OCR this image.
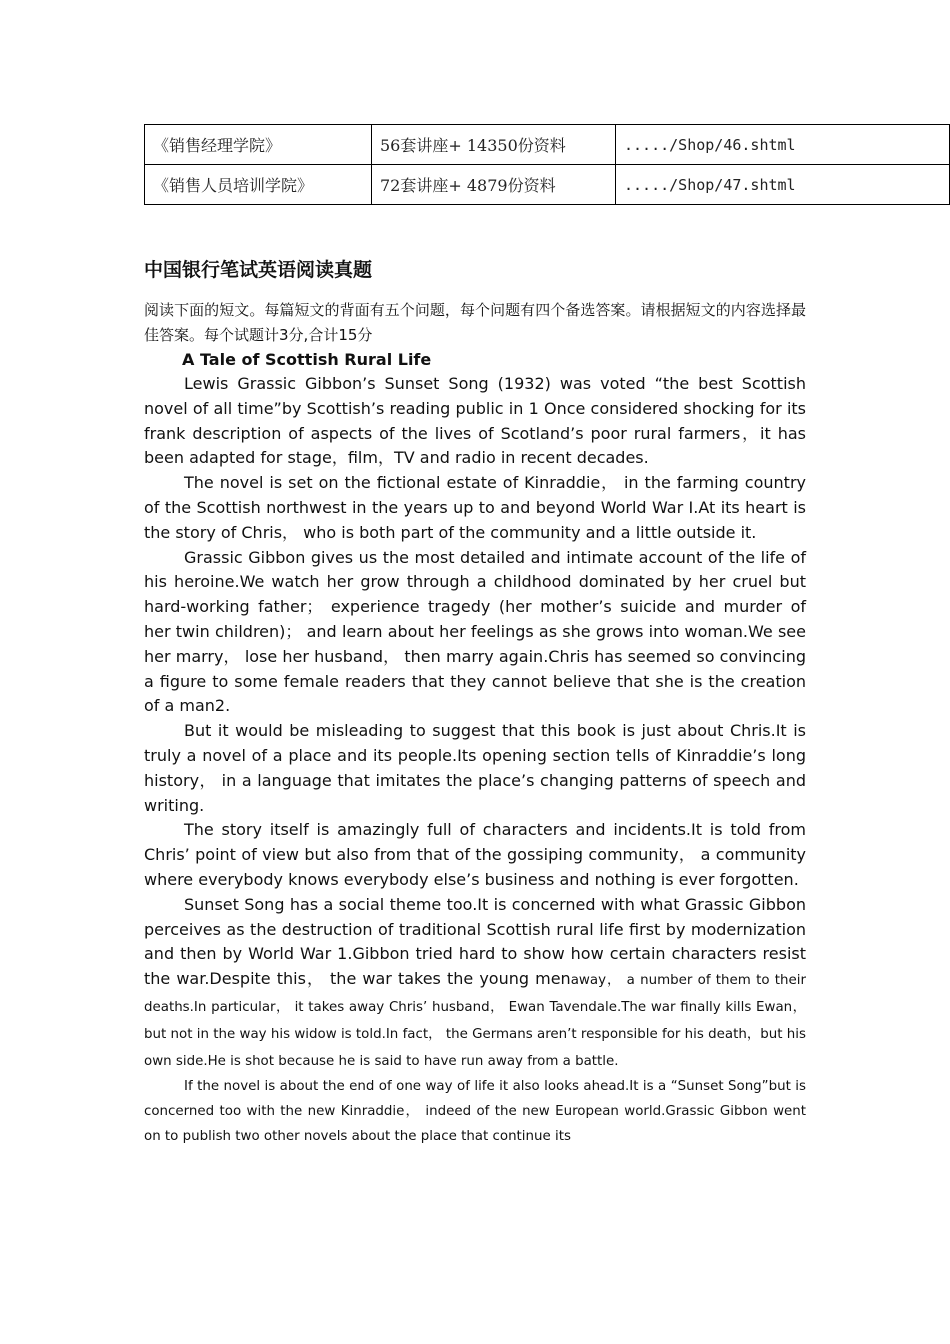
《销售经理学院》	56套讲座+ 14350份资料	...../Shop/46.shtml
《销售人员培训学院》	72套讲座+ 4879份资料	...../Shop/47.shtml
中国银行笔试英语阅读真题

阅读下面的短文。每篇短文的背面有五个问题，每个问题有四个备选答案。请根据短文的内容选择最佳答案。每个试题计3分,合计15分

A Tale of Scottish Rural Life

Lewis Grassic Gibbon’s Sunset Song (1932) was voted “the best Scottish novel of all time”by Scottish’s reading public in 1 Once considered shocking for its frank description of aspects of the lives of Scotland’s poor rural farmers，it has been adapted for stage，film，TV and radio in recent decades.

The novel is set on the fictional estate of Kinraddie， in the farming country of the Scottish northwest in the years up to and beyond World War I.At its heart is the story of Chris， who is both part of the community and a little outside it.

Grassic Gibbon gives us the most detailed and intimate account of the life of his heroine.We watch her grow through a childhood dominated by her cruel but hard-working father； experience tragedy (her mother’s suicide and murder of her twin children)； and learn about her feelings as she grows into woman.We see her marry， lose her husband， then marry again.Chris has seemed so convincing a figure to some female readers that they cannot believe that she is the creation of a man2.

But it would be misleading to suggest that this book is just about Chris.It is truly a novel of a place and its people.Its opening section tells of Kinraddie’s long history， in a language that imitates the place’s changing patterns of speech and writing.

The story itself is amazingly full of characters and incidents.It is told from Chris’ point of view but also from that of the gossiping community， a community where everybody knows everybody else’s business and nothing is ever forgotten.

Sunset Song has a social theme too.It is concerned with what Grassic Gibbon perceives as the destruction of traditional Scottish rural life first by modernization and then by World War 1.Gibbon tried hard to show how certain characters resist the war.Despite this， the war takes the young menaway， a number of them to their deaths.In particular， it takes away Chris’ husband， Ewan Tavendale.The war finally kills Ewan， but not in the way his widow is told.In fact， the Germans aren’t responsible for his death，but his own side.He is shot because he is said to have run away from a battle.

If the novel is about the end of one way of life it also looks ahead.It is a “Sunset Song”but is concerned too with the new Kinraddie， indeed of the new European world.Grassic Gibbon went on to publish two other novels about the place that continue its
